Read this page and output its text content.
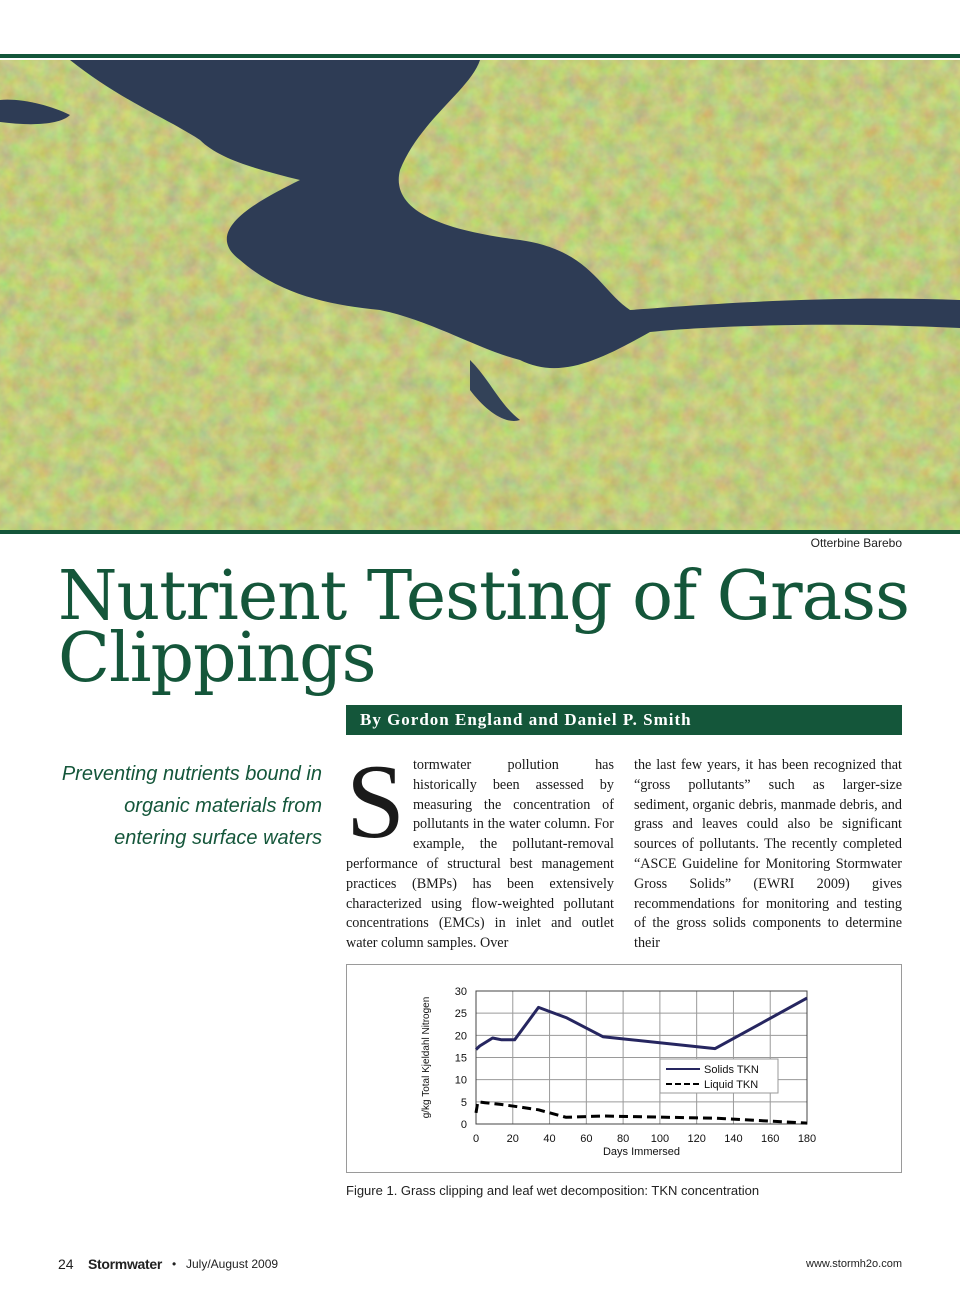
Otterbine Barebo
Nutrient Testing of Grass Clippings
By Gordon England and Daniel P. Smith
Preventing nutrients bound in organic materials from entering surface waters Stormwater pollution has historically been assessed by measuring the concentration of pollutants in the water column. For example, the pollutant-removal performance of structural best management practices (BMPs) has been extensively characterized using flow-weighted pollutant concentrations (EMCs) in inlet and outlet water column samples. Over
the last few years, it has been recognized that “gross pollutants” such as larger-size sediment, organic debris, manmade debris, and grass and leaves could also be significant sources of pollutants. The recently completed “ASCE Guideline for Monitoring Stormwater Gross Solids” (EWRI 2009) gives recommendations for monitoring and testing of the gross solids components to determine their
0	20 40 60 80 100 120 140 160 180
0
5
10
15
20
25
30
Days Immersed
g/kg Total Kjeldahl Nitrogen	Solids TKN
Liquid TKN
Figure 1. Grass clipping and leaf wet decomposition: TKN concentration
24 Stormwater • July/August 2009	www.stormh2o.com
